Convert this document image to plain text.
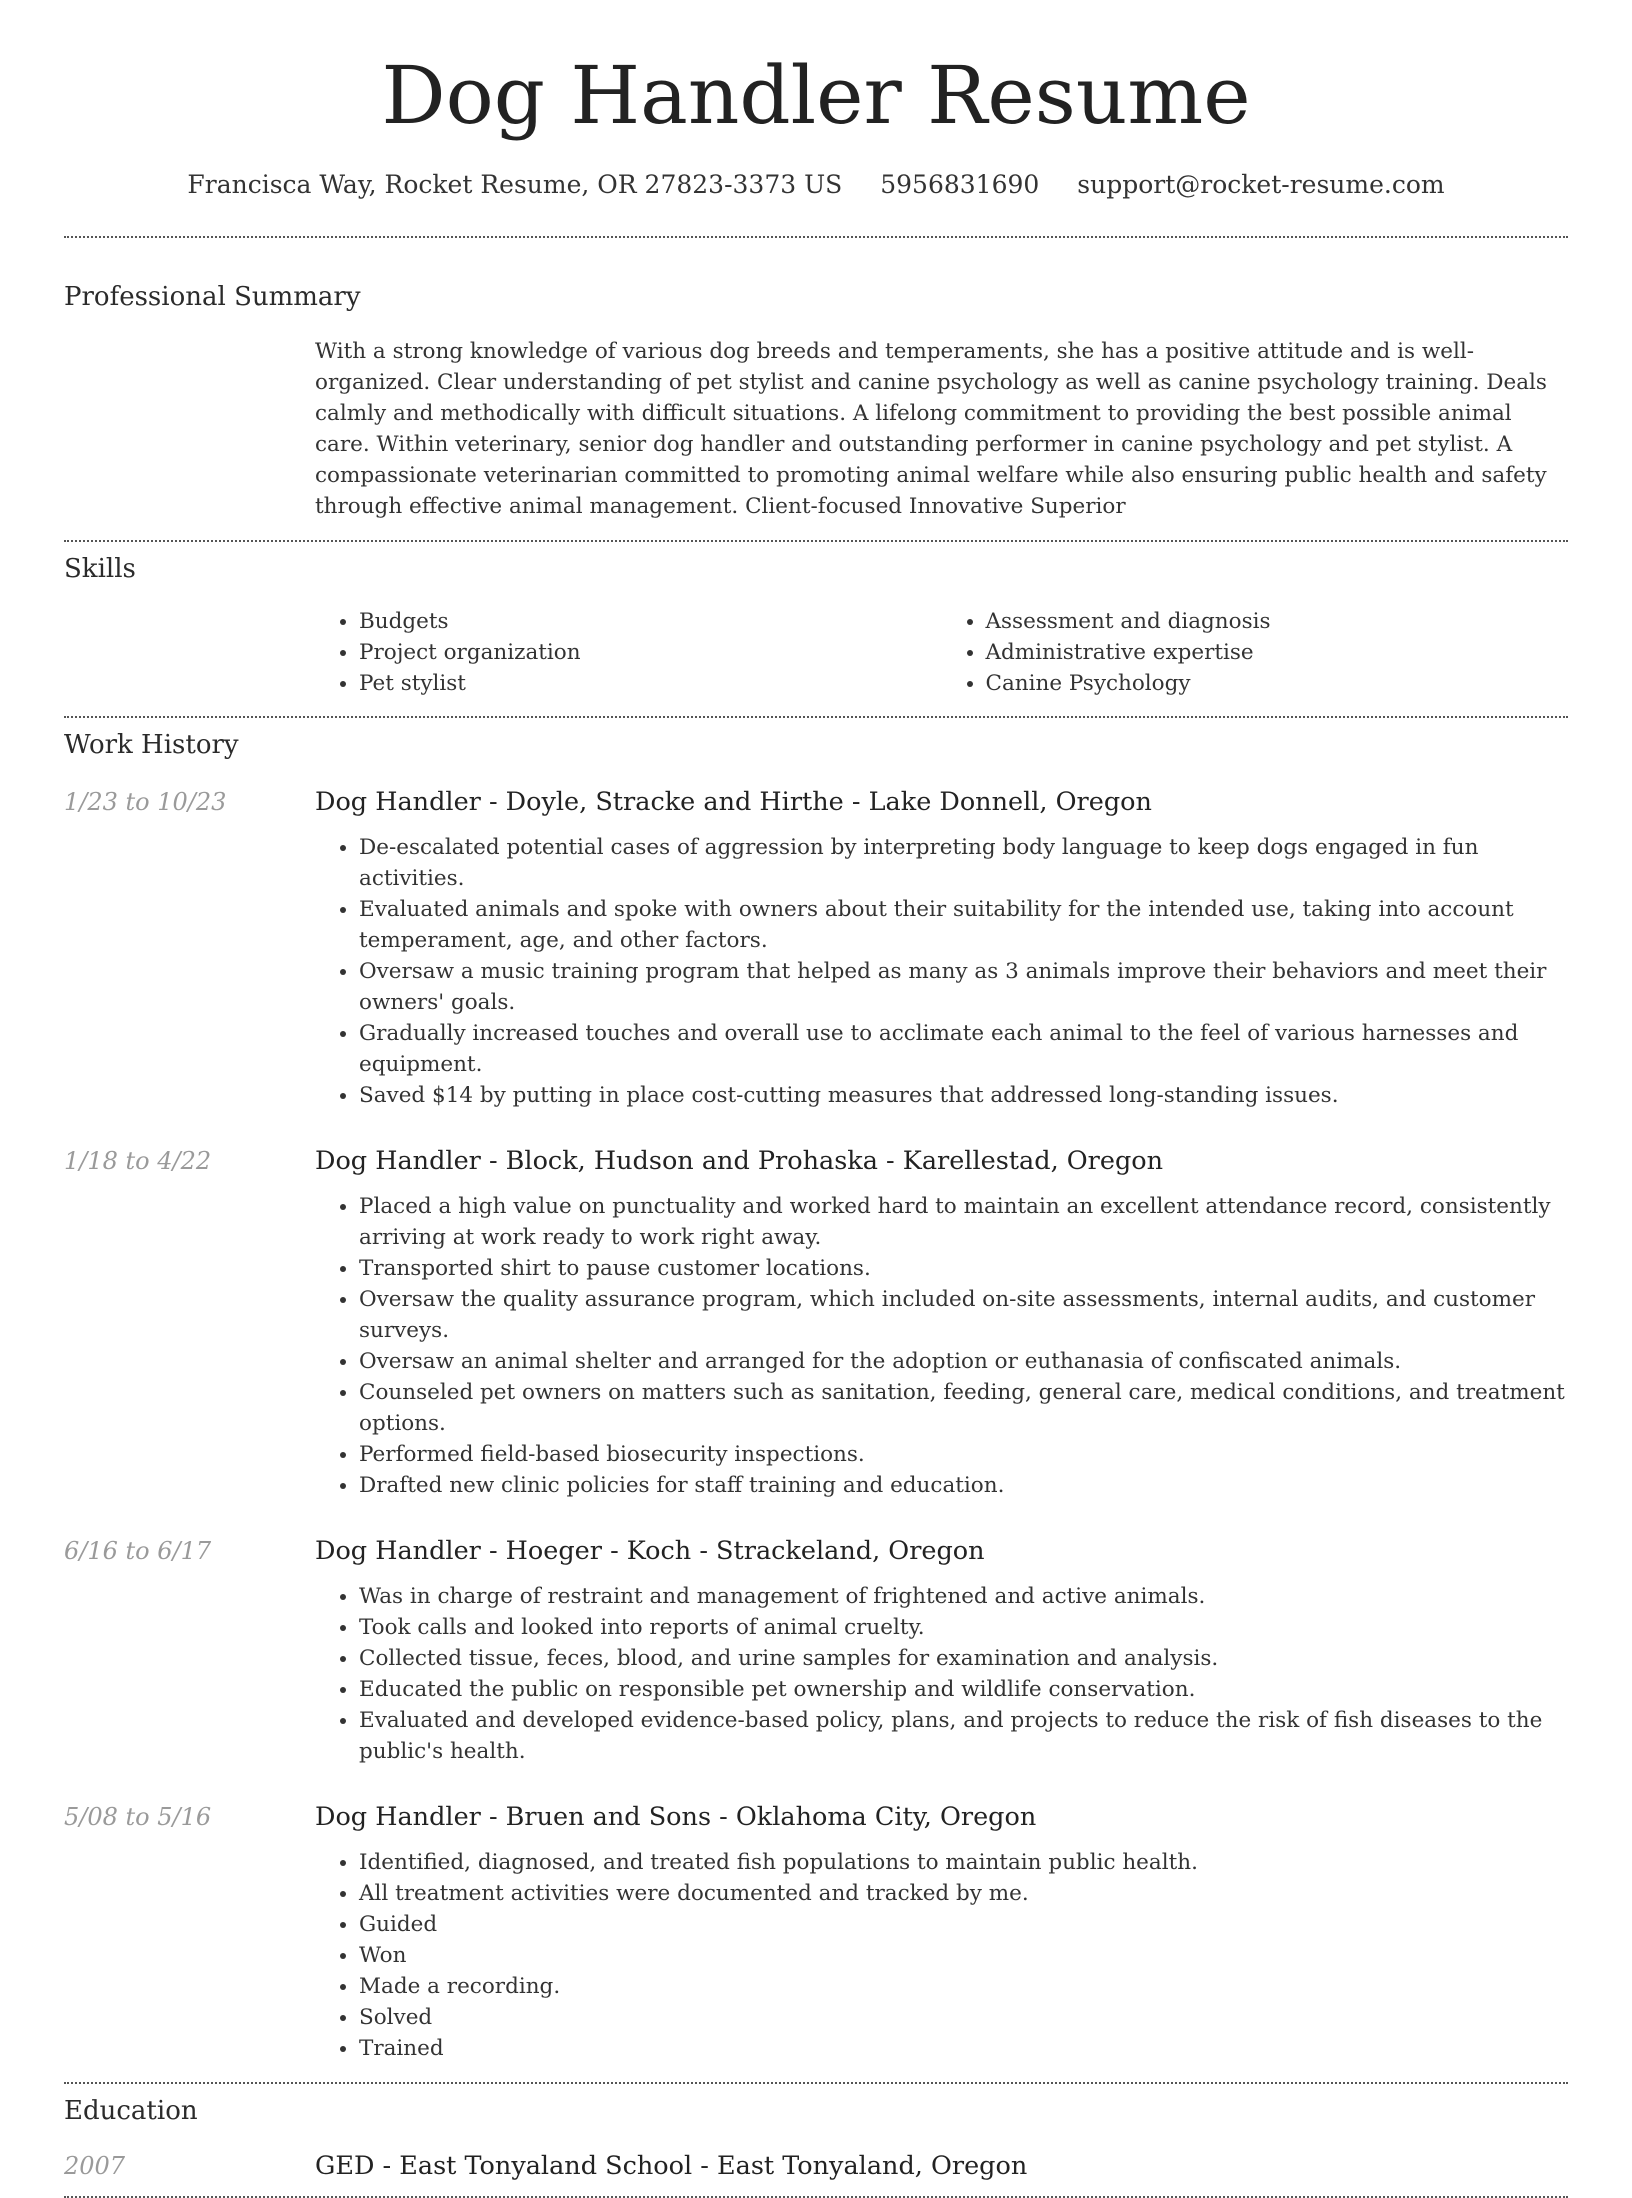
Dog Handler Resume
Francisca Way, Rocket Resume, OR 27823-3373 US 5956831690 support@rocket-resume.com
Professional Summary
With a strong knowledge of various dog breeds and temperaments, she has a positive attitude and is well-organized. Clear understanding of pet stylist and canine psychology as well as canine psychology training. Deals calmly and methodically with difficult situations. A lifelong commitment to providing the best possible animal care. Within veterinary, senior dog handler and outstanding performer in canine psychology and pet stylist. A compassionate veterinarian committed to promoting animal welfare while also ensuring public health and safety through effective animal management. Client-focused Innovative Superior
Skills
• Budgets
• Project organization
• Pet stylist
• Assessment and diagnosis
• Administrative expertise
• Canine Psychology
Work History
1/23 to 10/23	Dog Handler - Doyle, Stracke and Hirthe - Lake Donnell, Oregon
• De-escalated potential cases of aggression by interpreting body language to keep dogs engaged in fun activities.
• Evaluated animals and spoke with owners about their suitability for the intended use, taking into account temperament, age, and other factors.
• Oversaw a music training program that helped as many as 3 animals improve their behaviors and meet their owners' goals.
• Gradually increased touches and overall use to acclimate each animal to the feel of various harnesses and equipment.
• Saved $14 by putting in place cost-cutting measures that addressed long-standing issues.
1/18 to 4/22	Dog Handler - Block, Hudson and Prohaska - Karellestad, Oregon
• Placed a high value on punctuality and worked hard to maintain an excellent attendance record, consistently arriving at work ready to work right away.
• Transported shirt to pause customer locations.
• Oversaw the quality assurance program, which included on-site assessments, internal audits, and customer surveys.
• Oversaw an animal shelter and arranged for the adoption or euthanasia of confiscated animals.
• Counseled pet owners on matters such as sanitation, feeding, general care, medical conditions, and treatment options.
• Performed field-based biosecurity inspections.
• Drafted new clinic policies for staff training and education.
6/16 to 6/17	Dog Handler - Hoeger - Koch - Strackeland, Oregon
• Was in charge of restraint and management of frightened and active animals.
• Took calls and looked into reports of animal cruelty.
• Collected tissue, feces, blood, and urine samples for examination and analysis.
• Educated the public on responsible pet ownership and wildlife conservation.
• Evaluated and developed evidence-based policy, plans, and projects to reduce the risk of fish diseases to the public's health.
5/08 to 5/16	Dog Handler - Bruen and Sons - Oklahoma City, Oregon
• Identified, diagnosed, and treated fish populations to maintain public health.
• All treatment activities were documented and tracked by me.
• Guided
• Won
• Made a recording.
• Solved
• Trained
Education
2007	GED - East Tonyaland School - East Tonyaland, Oregon
